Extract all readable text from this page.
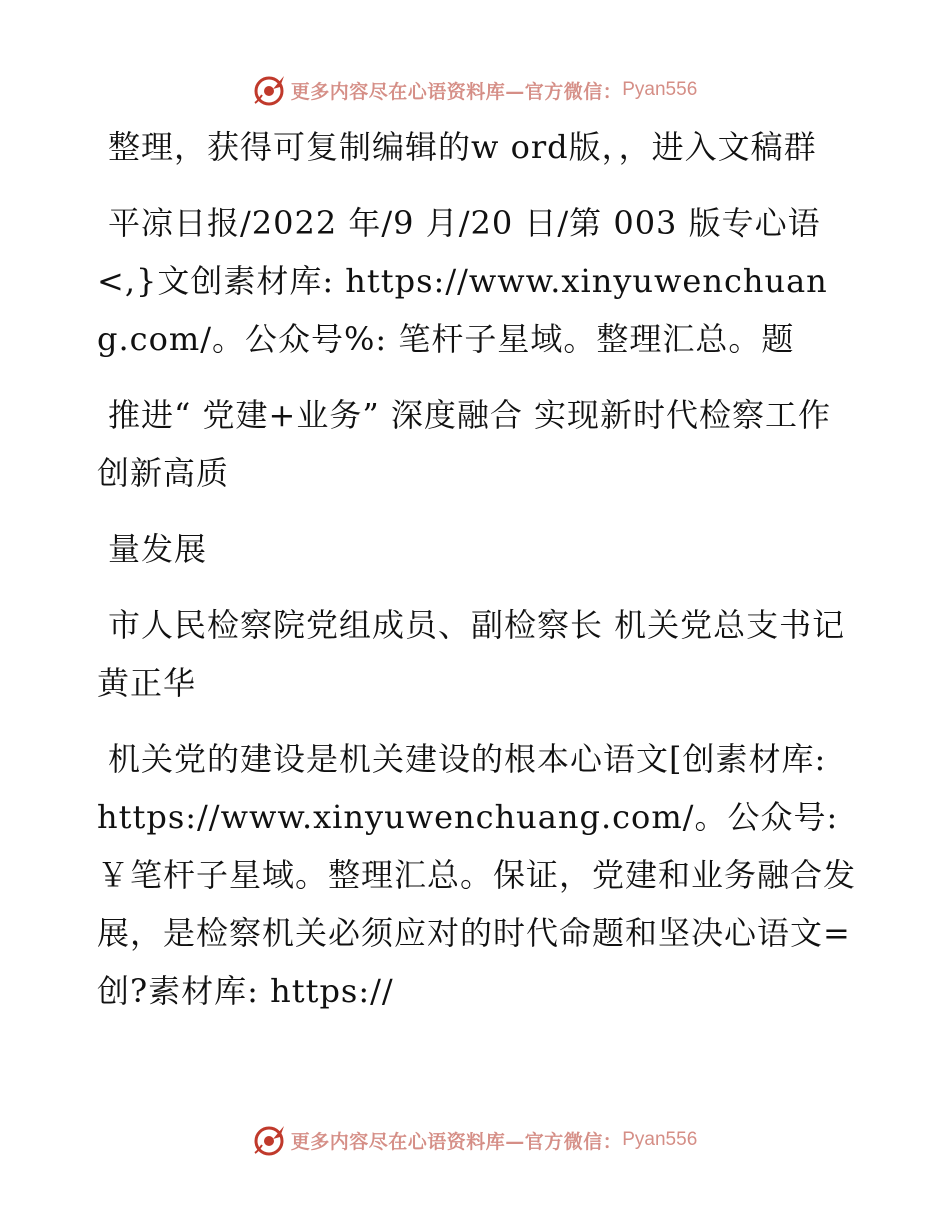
更多内容尽在心语资料库—官方微信： Pyan556

整理，获得可复制编辑的w ord版，，进入文稿群

平凉日报/2022 年/9 月/20 日/第 003 版专心语<,}文创素材库: https://www.xinyuwenchuang.com/。公众号%: 笔杆子星域。整理汇总。题

推进“ 党建+业务” 深度融合 实现新时代检察工作创新高质

量发展

市人民检察院党组成员、副检察长 机关党总支书记 黄正华

机关党的建设是机关建设的根本心语文[创素材库: https://www.xinyuwenchuang.com/。公众号: ￥笔杆子星域。整理汇总。保证，党建和业务融合发展，是检察机关必须应对的时代命题和坚决心语文=创?素材库: https://

更多内容尽在心语资料库—官方微信： Pyan556
